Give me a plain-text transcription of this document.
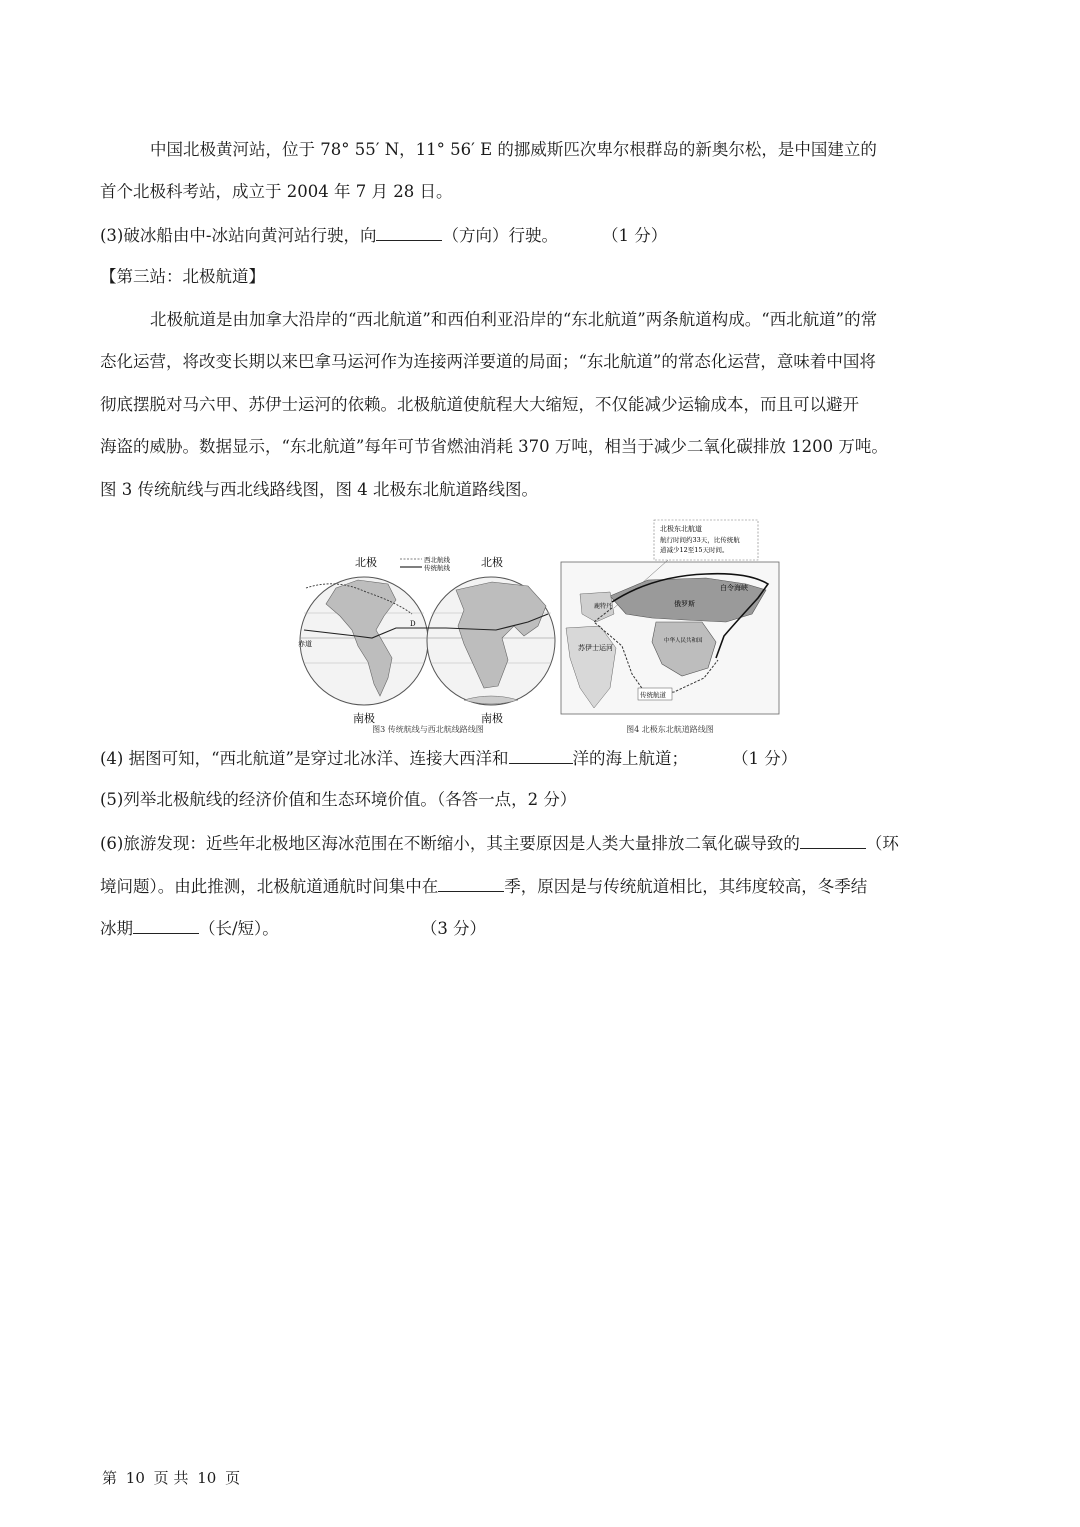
中国北极黄河站，位于 78° 55′ N，11° 56′ E 的挪威斯匹次卑尔根群岛的新奥尔松，是中国建立的
首个北极科考站，成立于 2004 年 7 月 28 日。
(3)破冰船由中-冰站向黄河站行驶，向	（方向）行驶。	（1 分）
【第三站：北极航道】
北极航道是由加拿大沿岸的“西北航道”和西伯利亚沿岸的“东北航道”两条航道构成。“西北航道”的常
态化运营，将改变长期以来巴拿马运河作为连接两洋要道的局面；“东北航道”的常态化运营，意味着中国将
彻底摆脱对马六甲、苏伊士运河的依赖。北极航道使航程大大缩短，不仅能减少运输成本，而且可以避开
海盗的威胁。数据显示，“东北航道”每年可节省燃油消耗 370 万吨，相当于减少二氧化碳排放 1200 万吨。
图 3 传统航线与西北线路线图，图 4 北极东北航道路线图。
北极	北极
西北航线
传统航线
赤道
D
南极	南极
图3 传统航线与西北航线路线图
北极东北航道
航行时间约33天，比传统航
道减少12至15天时间。
白令海峡
俄罗斯
苏伊士运河
中华人民共和国
鹿特丹
传统航道
图4 北极东北航道路线图
(4) 据图可知，“西北航道”是穿过北冰洋、连接大西洋和	洋的海上航道；	（1 分）
(5)列举北极航线的经济价值和生态环境价值。（各答一点，2 分）
(6)旅游发现：近些年北极地区海冰范围在不断缩小，其主要原因是人类大量排放二氧化碳导致的	（环
境问题）。由此推测，北极航道通航时间集中在	季，原因是与传统航道相比，其纬度较高，冬季结
冰期	（长/短）。	（3 分）
第 10 页 共 10 页
